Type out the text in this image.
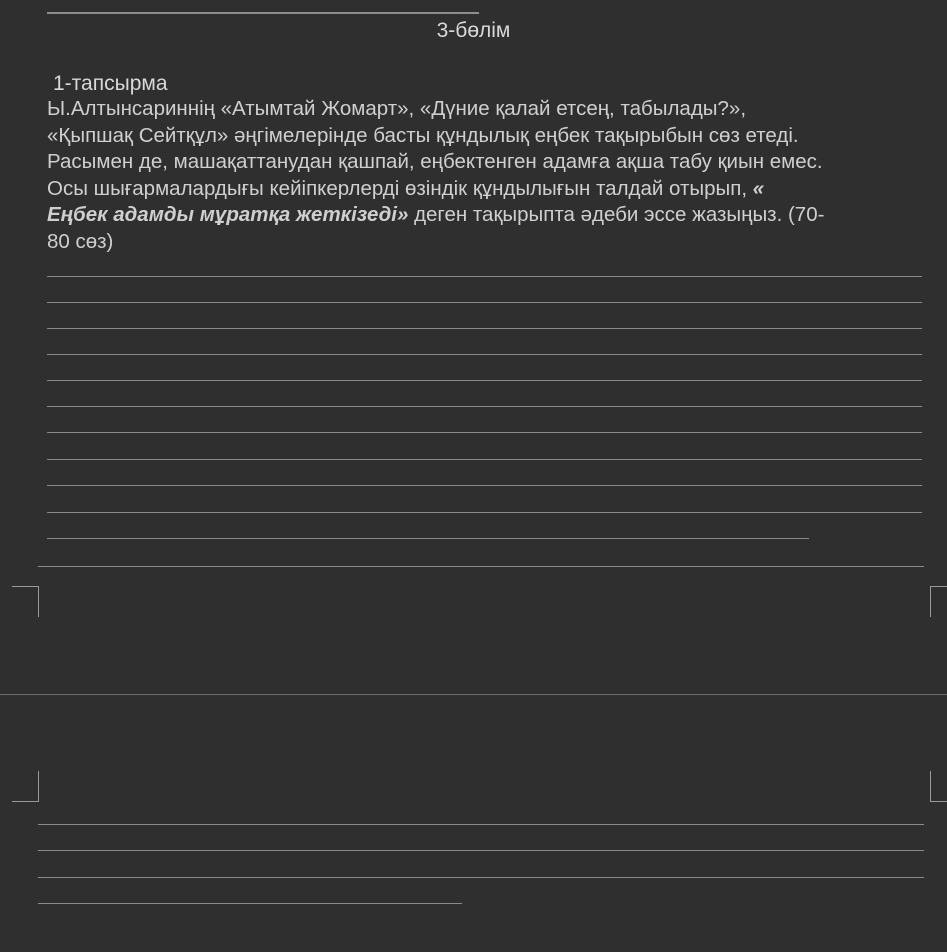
3-бөлім
1-тапсырма

Ы.Алтынсариннің «Атымтай Жомарт», «Дүние қалай етсең, табылады?»,
«Қыпшақ Сейтқұл» әңгімелерінде басты құндылық еңбек тақырыбын сөз етеді.
Расымен де, машақаттанудан қашпай, еңбектенген адамға ақша табу қиын емес.
Осы шығармалардығы кейіпкерлерді өзіндік құндылығын талдай отырып, «
Еңбек адамды мұратқа жеткізеді» деген тақырыпта әдеби эссе жазыңыз. (70-
80 сөз)
